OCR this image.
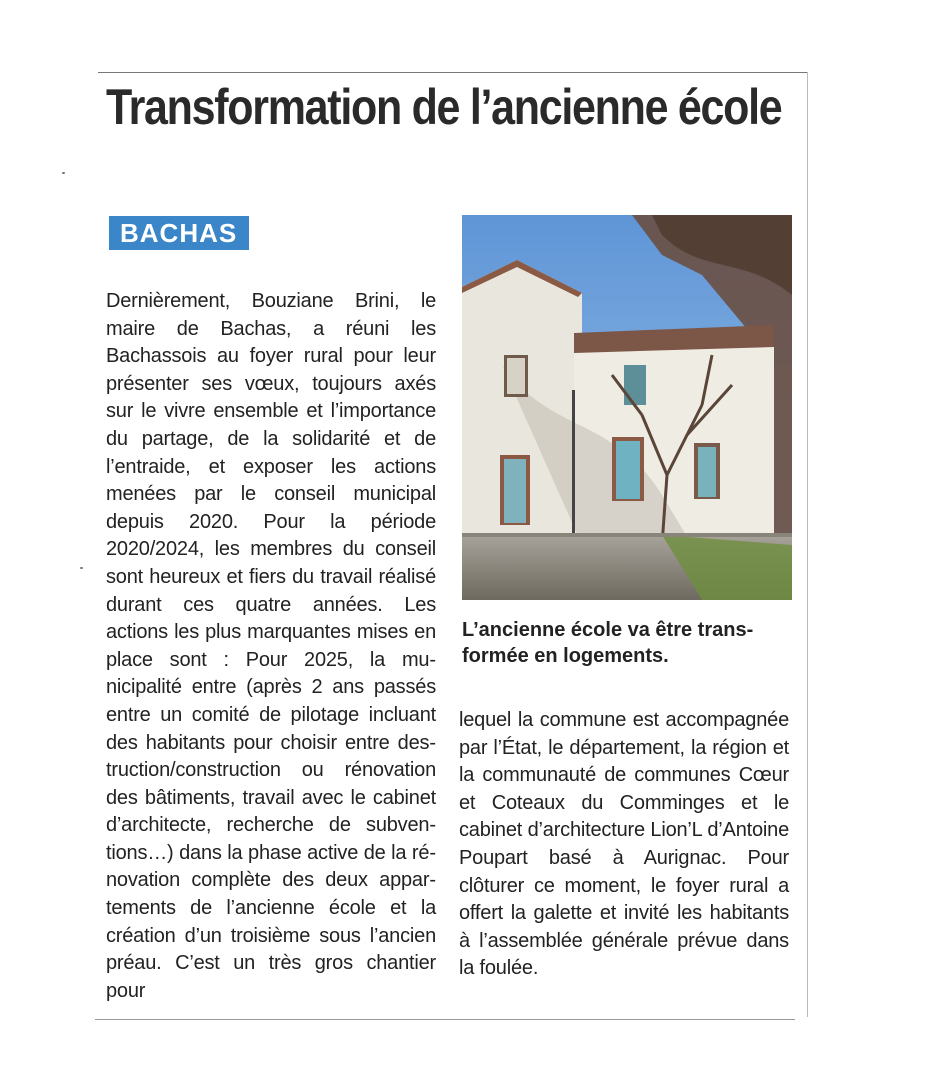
Transformation de l’ancienne école
BACHAS

Dernièrement, Bouziane Brini, le maire de Bachas, a réuni les Bachassois au foyer rural pour leur présenter ses vœux, toujours axés sur le vivre ensemble et l’importance du partage, de la solidarité et de l’entraide, et exposer les actions menées par le conseil municipal depuis 2020. Pour la période 2020/2024, les membres du conseil sont heureux et fiers du travail réalisé durant ces quatre années. Les actions les plus marquantes mises en place sont : Pour 2025, la municipalité entre (après 2 ans passés entre un comité de pilotage incluant des habitants pour choisir entre destruction/construction ou rénovation des bâtiments, travail avec le cabinet d’architecte, recherche de subventions…) dans la phase active de la rénovation complète des deux appartements de l’ancienne école et la création d’un troisième sous l’ancien préau. C’est un très gros chantier pour

L’ancienne école va être transformée en logements.

lequel la commune est accompagnée par l’État, le département, la région et la communauté de communes Cœur et Coteaux du Comminges et le cabinet d’architecture Lion’L d’Antoine Poupart basé à Aurignac. Pour clôturer ce moment, le foyer rural a offert la galette et invité les habitants à l’assemblée générale prévue dans la foulée.
